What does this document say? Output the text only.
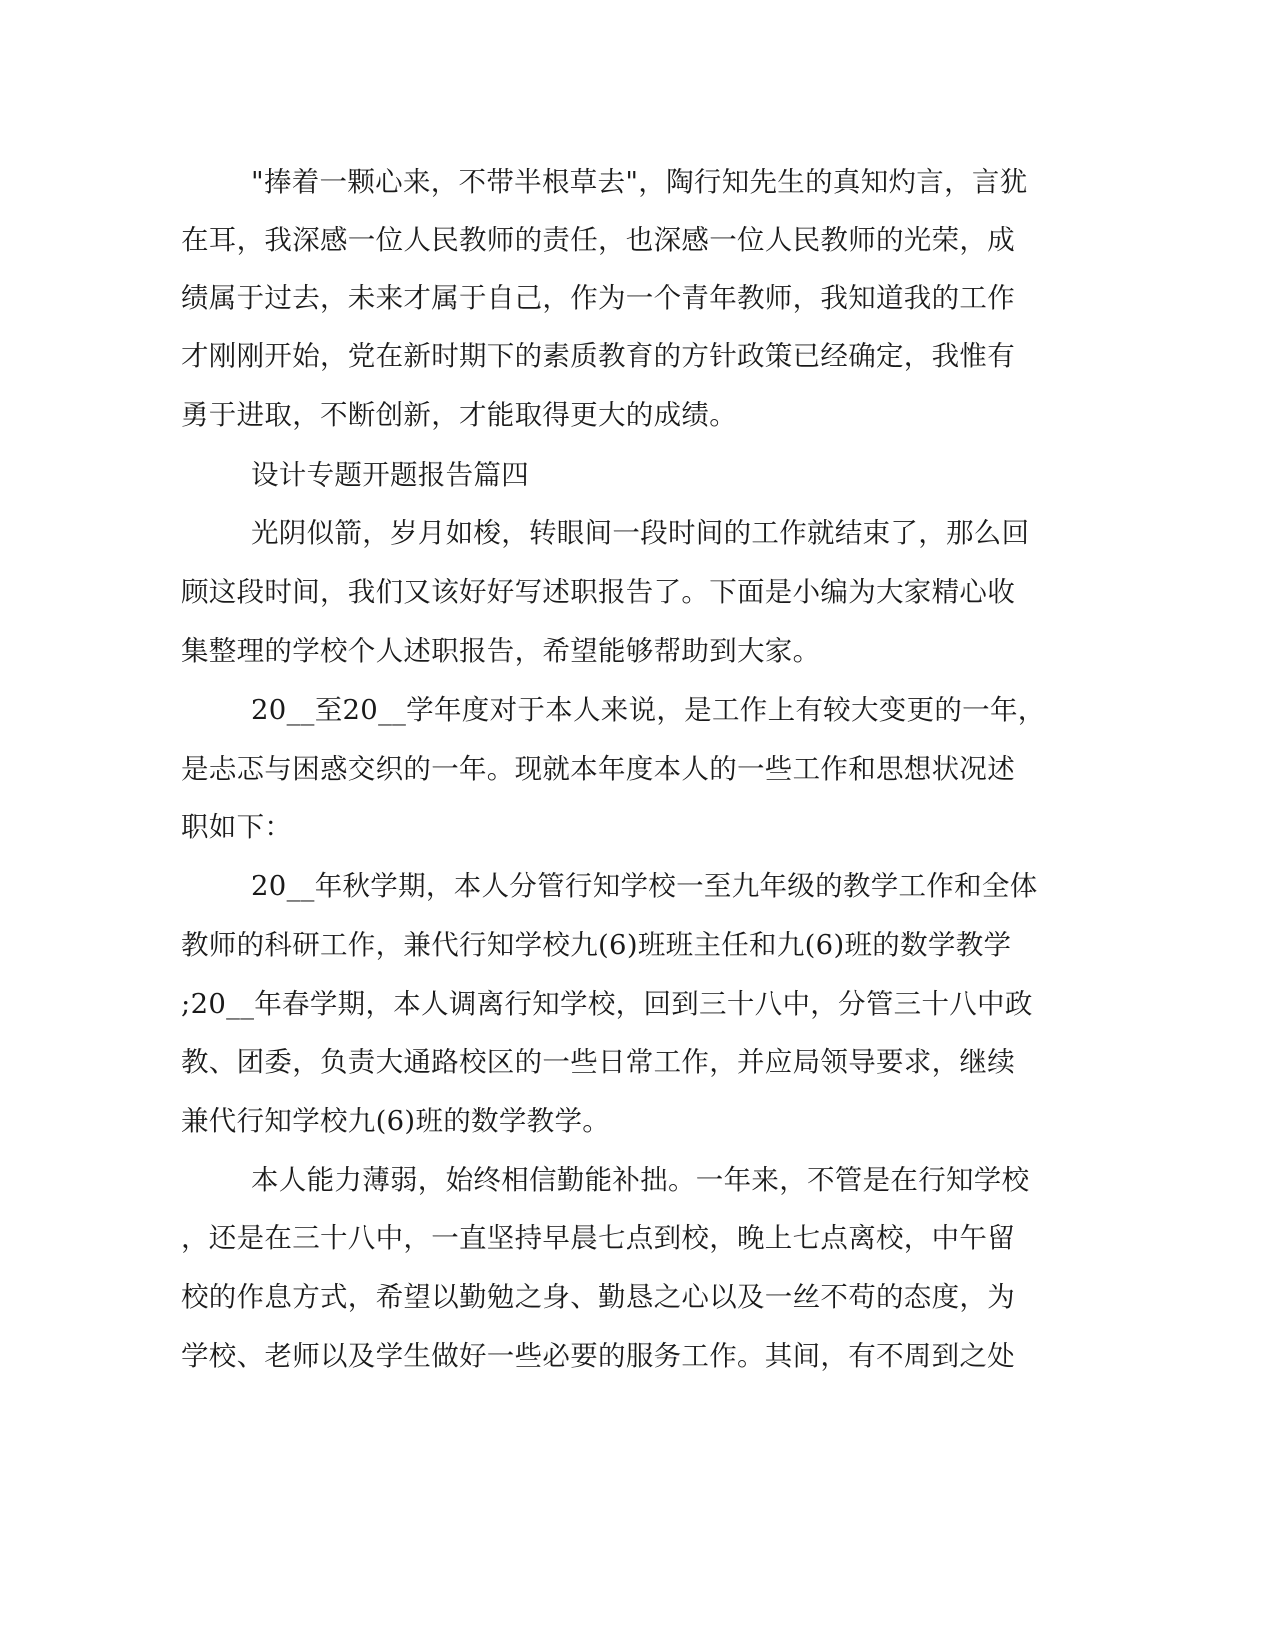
"捧着一颗心来，不带半根草去"，陶行知先生的真知灼言，言犹
在耳，我深感一位人民教师的责任，也深感一位人民教师的光荣，成
绩属于过去，未来才属于自己，作为一个青年教师，我知道我的工作
才刚刚开始，党在新时期下的素质教育的方针政策已经确定，我惟有
勇于进取，不断创新，才能取得更大的成绩。
设计专题开题报告篇四
光阴似箭，岁月如梭，转眼间一段时间的工作就结束了，那么回
顾这段时间，我们又该好好写述职报告了。下面是小编为大家精心收
集整理的学校个人述职报告，希望能够帮助到大家。
20__至20__学年度对于本人来说，是工作上有较大变更的一年，
是忐忑与困惑交织的一年。现就本年度本人的一些工作和思想状况述
职如下：
20__年秋学期，本人分管行知学校一至九年级的教学工作和全体
教师的科研工作，兼代行知学校九(6)班班主任和九(6)班的数学教学
;20__年春学期，本人调离行知学校，回到三十八中，分管三十八中政
教、团委，负责大通路校区的一些日常工作，并应局领导要求，继续
兼代行知学校九(6)班的数学教学。
本人能力薄弱，始终相信勤能补拙。一年来，不管是在行知学校
，还是在三十八中，一直坚持早晨七点到校，晚上七点离校，中午留
校的作息方式，希望以勤勉之身、勤恳之心以及一丝不苟的态度，为
学校、老师以及学生做好一些必要的服务工作。其间，有不周到之处
